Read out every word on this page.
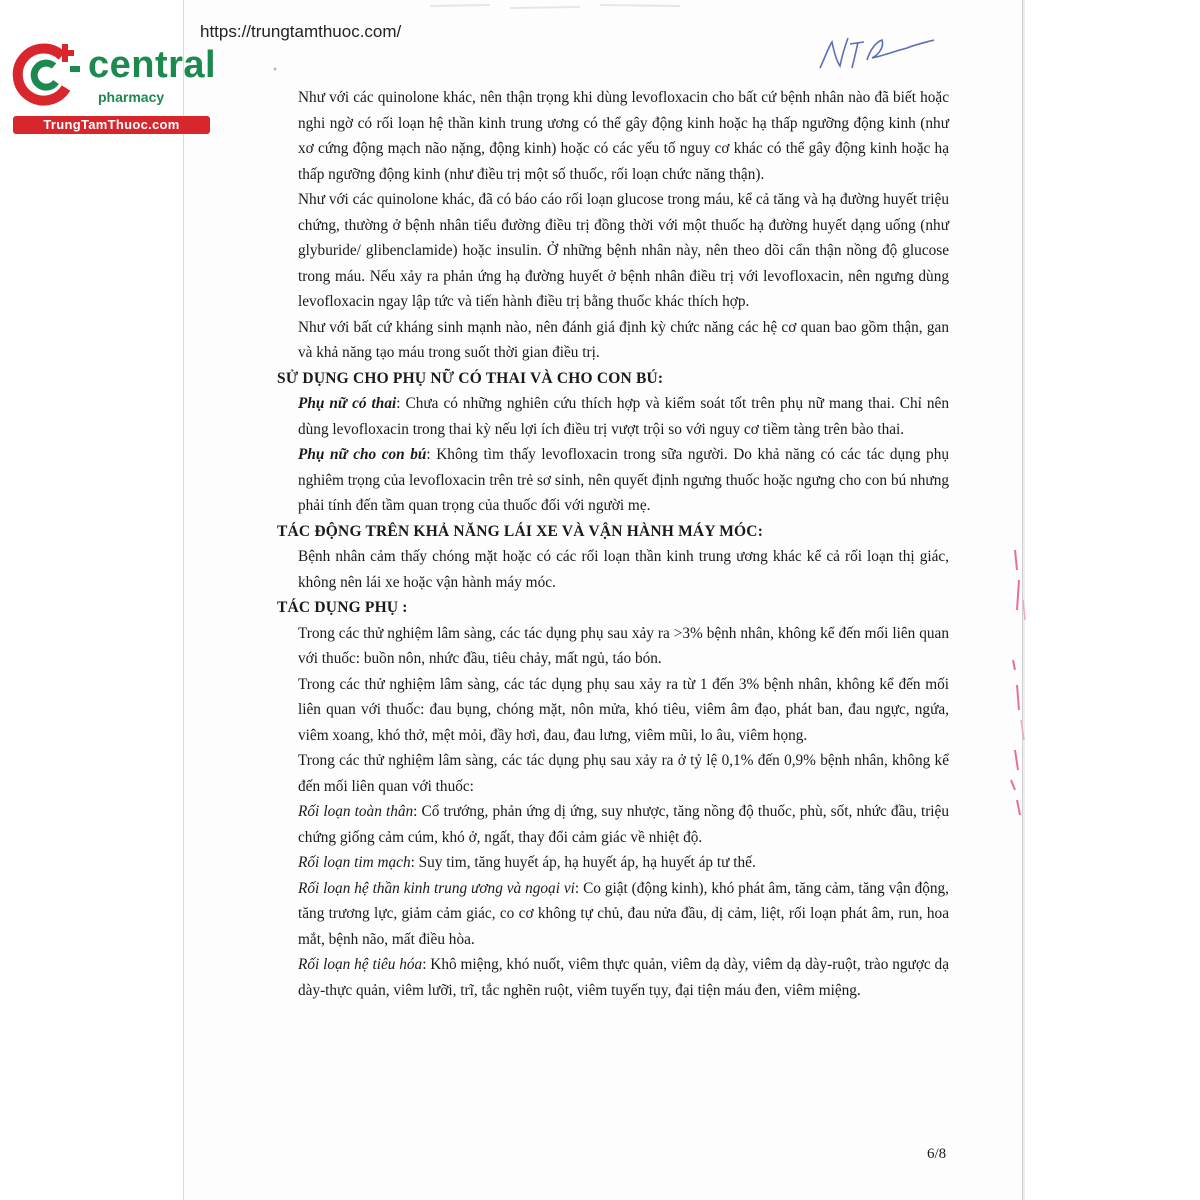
https://trungtamthuoc.com/
central
pharmacy
TrungTamThuoc.com

Như với các quinolone khác, nên thận trọng khi dùng levofloxacin cho bất cứ bệnh nhân nào đã biết hoặc nghi ngờ có rối loạn hệ thần kinh trung ương có thể gây động kinh hoặc hạ thấp ngưỡng động kinh (như xơ cứng động mạch não nặng, động kinh) hoặc có các yếu tố nguy cơ khác có thể gây động kinh hoặc hạ thấp ngưỡng động kinh (như điều trị một số thuốc, rối loạn chức năng thận).

Như với các quinolone khác, đã có báo cáo rối loạn glucose trong máu, kể cả tăng và hạ đường huyết triệu chứng, thường ở bệnh nhân tiểu đường điều trị đồng thời với một thuốc hạ đường huyết dạng uống (như glyburide/ glibenclamide) hoặc insulin. Ở những bệnh nhân này, nên theo dõi cẩn thận nồng độ glucose trong máu. Nếu xảy ra phản ứng hạ đường huyết ở bệnh nhân điều trị với levofloxacin, nên ngưng dùng levofloxacin ngay lập tức và tiến hành điều trị bằng thuốc khác thích hợp.

Như với bất cứ kháng sinh mạnh nào, nên đánh giá định kỳ chức năng các hệ cơ quan bao gồm thận, gan và khả năng tạo máu trong suốt thời gian điều trị.

SỬ DỤNG CHO PHỤ NỮ CÓ THAI VÀ CHO CON BÚ:

Phụ nữ có thai: Chưa có những nghiên cứu thích hợp và kiểm soát tốt trên phụ nữ mang thai. Chỉ nên dùng levofloxacin trong thai kỳ nếu lợi ích điều trị vượt trội so với nguy cơ tiềm tàng trên bào thai.

Phụ nữ cho con bú: Không tìm thấy levofloxacin trong sữa người. Do khả năng có các tác dụng phụ nghiêm trọng của levofloxacin trên trẻ sơ sinh, nên quyết định ngưng thuốc hoặc ngưng cho con bú nhưng phải tính đến tầm quan trọng của thuốc đối với người mẹ.

TÁC ĐỘNG TRÊN KHẢ NĂNG LÁI XE VÀ VẬN HÀNH MÁY MÓC:

Bệnh nhân cảm thấy chóng mặt hoặc có các rối loạn thần kinh trung ương khác kể cả rối loạn thị giác, không nên lái xe hoặc vận hành máy móc.

TÁC DỤNG PHỤ :

Trong các thử nghiệm lâm sàng, các tác dụng phụ sau xảy ra >3% bệnh nhân, không kể đến mối liên quan với thuốc: buồn nôn, nhức đầu, tiêu chảy, mất ngủ, táo bón.

Trong các thử nghiệm lâm sàng, các tác dụng phụ sau xảy ra từ 1 đến 3% bệnh nhân, không kể đến mối liên quan với thuốc: đau bụng, chóng mặt, nôn mửa, khó tiêu, viêm âm đạo, phát ban, đau ngực, ngứa, viêm xoang, khó thở, mệt mỏi, đầy hơi, đau, đau lưng, viêm mũi, lo âu, viêm họng.

Trong các thử nghiệm lâm sàng, các tác dụng phụ sau xảy ra ở tỷ lệ 0,1% đến 0,9% bệnh nhân, không kể đến mối liên quan với thuốc:

Rối loạn toàn thân: Cổ trướng, phản ứng dị ứng, suy nhược, tăng nồng độ thuốc, phù, sốt, nhức đầu, triệu chứng giống cảm cúm, khó ở, ngất, thay đổi cảm giác về nhiệt độ.

Rối loạn tim mạch: Suy tim, tăng huyết áp, hạ huyết áp, hạ huyết áp tư thế.

Rối loạn hệ thần kinh trung ương và ngoại vi: Co giật (động kinh), khó phát âm, tăng cảm, tăng vận động, tăng trương lực, giảm cảm giác, co cơ không tự chủ, đau nửa đầu, dị cảm, liệt, rối loạn phát âm, run, hoa mắt, bệnh não, mất điều hòa.

Rối loạn hệ tiêu hóa: Khô miệng, khó nuốt, viêm thực quản, viêm dạ dày, viêm dạ dày-ruột, trào ngược dạ dày-thực quản, viêm lưỡi, trĩ, tắc nghẽn ruột, viêm tuyến tụy, đại tiện máu đen, viêm miệng.

6/8
